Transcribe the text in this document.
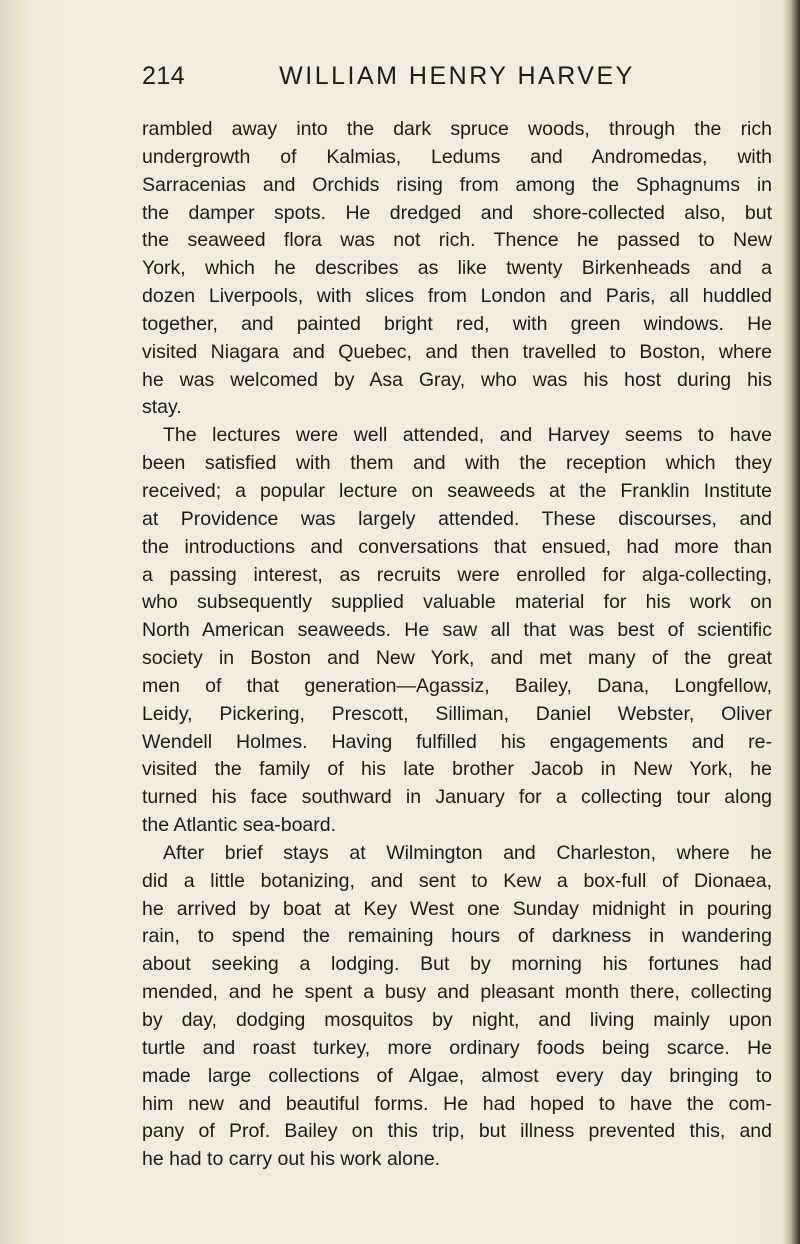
214	WILLIAM HENRY HARVEY
rambled away into the dark spruce woods, through the rich
undergrowth of Kalmias, Ledums and Andromedas, with
Sarracenias and Orchids rising from among the Sphagnums in
the damper spots. He dredged and shore-collected also, but
the seaweed flora was not rich. Thence he passed to New
York, which he describes as like twenty Birkenheads and a
dozen Liverpools, with slices from London and Paris, all huddled
together, and painted bright red, with green windows. He
visited Niagara and Quebec, and then travelled to Boston, where
he was welcomed by Asa Gray, who was his host during his
stay.
The lectures were well attended, and Harvey seems to have
been satisfied with them and with the reception which they
received; a popular lecture on seaweeds at the Franklin Institute
at Providence was largely attended. These discourses, and
the introductions and conversations that ensued, had more than
a passing interest, as recruits were enrolled for alga-collecting,
who subsequently supplied valuable material for his work on
North American seaweeds. He saw all that was best of scientific
society in Boston and New York, and met many of the great
men of that generation—Agassiz, Bailey, Dana, Longfellow,
Leidy, Pickering, Prescott, Silliman, Daniel Webster, Oliver
Wendell Holmes. Having fulfilled his engagements and re-
visited the family of his late brother Jacob in New York, he
turned his face southward in January for a collecting tour along
the Atlantic sea-board.
After brief stays at Wilmington and Charleston, where he
did a little botanizing, and sent to Kew a box-full of Dionaea,
he arrived by boat at Key West one Sunday midnight in pouring
rain, to spend the remaining hours of darkness in wandering
about seeking a lodging. But by morning his fortunes had
mended, and he spent a busy and pleasant month there, collecting
by day, dodging mosquitos by night, and living mainly upon
turtle and roast turkey, more ordinary foods being scarce. He
made large collections of Algae, almost every day bringing to
him new and beautiful forms. He had hoped to have the com-
pany of Prof. Bailey on this trip, but illness prevented this, and
he had to carry out his work alone.
